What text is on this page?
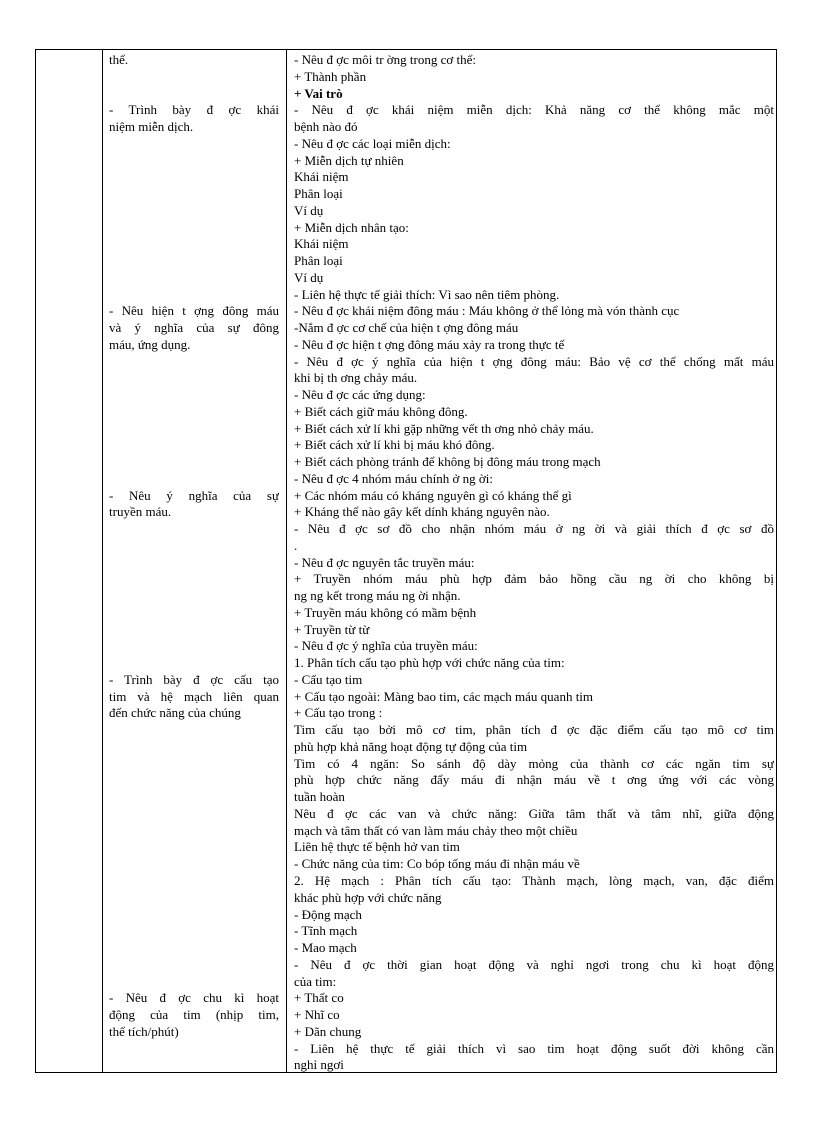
thể.
- Trình bày đ ợc khái
niệm miễn dịch.
- Nêu hiện t ợng đông máu
và ý nghĩa của sự đông
máu, ứng dụng.
- Nêu ý nghĩa của sự
truyền máu.
- Trình bày đ ợc cấu tạo
tim và hệ mạch liên quan
đến chức năng của chúng
- Nêu đ ợc chu kì hoạt
động của tim (nhịp tim,
thể tích/phút)
- Nêu đ ợc môi tr ờng trong cơ thể:
+ Thành phần
+ Vai trò
- Nêu đ ợc khái niệm miễn dịch: Khả năng cơ thể không mắc một
bệnh nào đó
- Nêu đ ợc các loại miễn dịch:
+ Miễn dịch tự nhiên
Khái niệm
Phân loại
Ví dụ
+ Miễn dịch nhân tạo:
Khái niệm
Phân loại
Ví dụ
- Liên hệ thực tế giải thích: Vì sao nên tiêm phòng.
- Nêu đ ợc khái niệm đông máu : Máu không ở thể lỏng mà vón thành cục
-Nắm đ ợc cơ chế của hiện t ợng đông máu
- Nêu đ ợc hiện t ợng đông máu xảy ra trong thực tế
- Nêu đ ợc ý nghĩa của hiện t ợng đông máu: Bảo vệ cơ thể chống mất máu
khi bị th ơng chảy máu.
- Nêu đ ợc các ứng dụng:
+ Biết cách giữ máu không đông.
+ Biết cách xử lí khi gặp những vết th ơng nhỏ chảy máu.
+ Biết cách xử lí khi bị máu khó đông.
+ Biết cách phòng tránh để không bị đông máu trong mạch
- Nêu đ ợc 4 nhóm máu chính ở ng ời:
+ Các nhóm máu có kháng nguyên gì có kháng thể gì
+ Kháng thể nào gây kết dính kháng nguyên nào.
- Nêu đ ợc sơ đồ cho nhận nhóm máu ở ng ời và giải thích đ ợc sơ đồ
.
- Nêu đ ợc nguyên tắc truyền máu:
+ Truyền nhóm máu phù hợp đảm bảo hồng cầu ng ời cho không bị
ng ng kết trong máu ng ời nhận.
+ Truyền máu không có mầm bệnh
+ Truyền từ từ
- Nêu đ ợc ý nghĩa của truyền máu:
1. Phân tích cấu tạo phù hợp với chức năng của tim:
- Cấu tạo tim
+ Cấu tạo ngoài: Màng bao tim, các mạch máu quanh tim
+ Cấu tạo trong :
Tim cấu tạo bởi mô cơ tim, phân tích đ ợc đặc điểm cấu tạo mô cơ tim
phù hợp khả năng hoạt động tự động của tim
Tim có 4 ngăn: So sánh độ dày mỏng của thành cơ các ngăn tim sự
phù hợp chức năng đẩy máu đi nhận máu về t ơng ứng với các vòng
tuần hoàn
Nêu đ ợc các van và chức năng: Giữa tâm thất và tâm nhĩ, giữa động
mạch và tâm thất có van làm máu chảy theo một chiều
Liên hệ thực tế bệnh hở van tim
- Chức năng của tim: Co bóp tống máu đi nhận máu về
2. Hệ mạch : Phân tích cấu tạo: Thành mạch, lòng mạch, van, đặc điểm
khác phù hợp với chức năng
- Động mạch
- Tĩnh mạch
- Mao mạch
- Nêu đ ợc thời gian hoạt động và nghỉ ngơi trong chu kì hoạt động
của tim:
+ Thất co
+ Nhĩ co
+ Dãn chung
- Liên hệ thực tế giải thích vì sao tim hoạt động suốt đời không cần
nghỉ ngơi
